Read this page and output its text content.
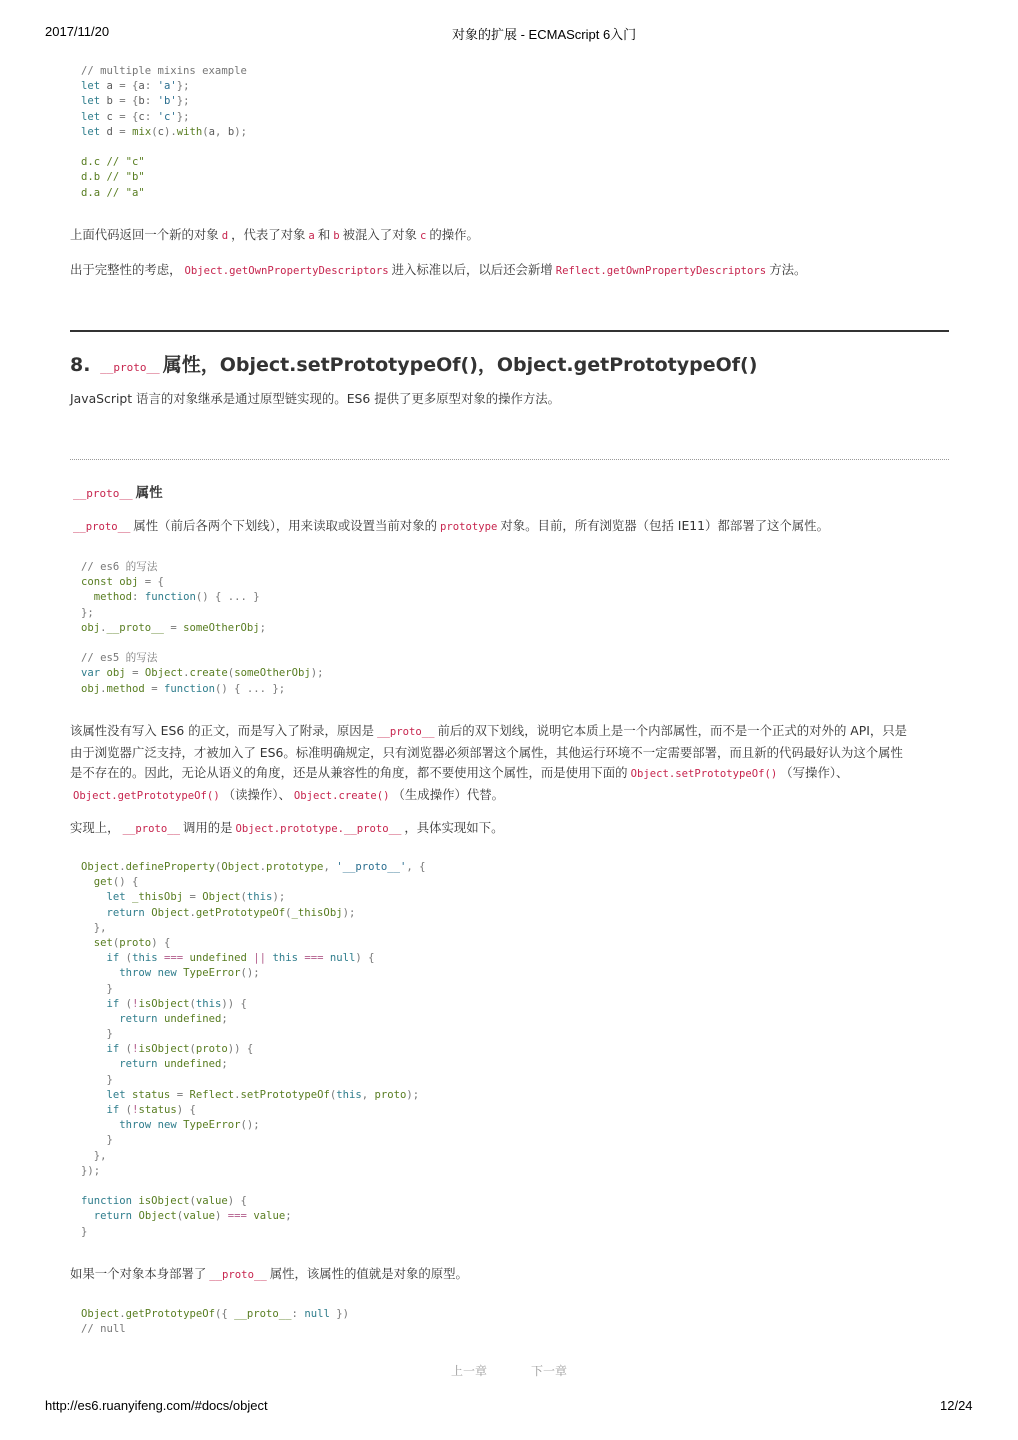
2017/11/20	对象的扩展 - ECMAScript 6入门
// multiple mixins example
let a = {a: 'a'};
let b = {b: 'b'};
let c = {c: 'c'};
let d = mix(c).with(a, b);

d.c // "c"
d.b // "b"
d.a // "a"

上面代码返回一个新的对象 d ，代表了对象 a 和 b 被混入了对象 c 的操作。

出于完整性的考虑， Object.getOwnPropertyDescriptors 进入标准以后，以后还会新增 Reflect.getOwnPropertyDescriptors 方法。

8. __proto__ 属性，Object.setPrototypeOf()，Object.getPrototypeOf()

JavaScript 语言的对象继承是通过原型链实现的。ES6 提供了更多原型对象的操作方法。

__proto__ 属性

__proto__ 属性（前后各两个下划线），用来读取或设置当前对象的 prototype 对象。目前，所有浏览器（包括 IE11）都部署了这个属性。

// es6 的写法
const obj = {
method: function() { ... }
};
obj.__proto__ = someOtherObj;

// es5 的写法
var obj = Object.create(someOtherObj);
obj.method = function() { ... };

该属性没有写入 ES6 的正文，而是写入了附录，原因是 __proto__ 前后的双下划线，说明它本质上是一个内部属性，而不是一个正式的对外的 API，只是
由于浏览器广泛支持，才被加入了 ES6。标准明确规定，只有浏览器必须部署这个属性，其他运行环境不一定需要部署，而且新的代码最好认为这个属性
是不存在的。因此，无论从语义的角度，还是从兼容性的角度，都不要使用这个属性，而是使用下面的 Object.setPrototypeOf() （写操作）、
Object.getPrototypeOf() （读操作）、 Object.create() （生成操作）代替。

实现上， __proto__ 调用的是 Object.prototype.__proto__ ，具体实现如下。

Object.defineProperty(Object.prototype, '__proto__', {
get() {
let _thisObj = Object(this);
return Object.getPrototypeOf(_thisObj);
},
set(proto) {
if (this === undefined || this === null) {
throw new TypeError();
}
if (!isObject(this)) {
return undefined;
}
if (!isObject(proto)) {
return undefined;
}
let status = Reflect.setPrototypeOf(this, proto);
if (!status) {
throw new TypeError();
}
},
});

function isObject(value) {
return Object(value) === value;
}

如果一个对象本身部署了 __proto__ 属性，该属性的值就是对象的原型。

Object.getPrototypeOf({ __proto__: null })
// null
上一章	下一章
http://es6.ruanyifeng.com/#docs/object	12/24
